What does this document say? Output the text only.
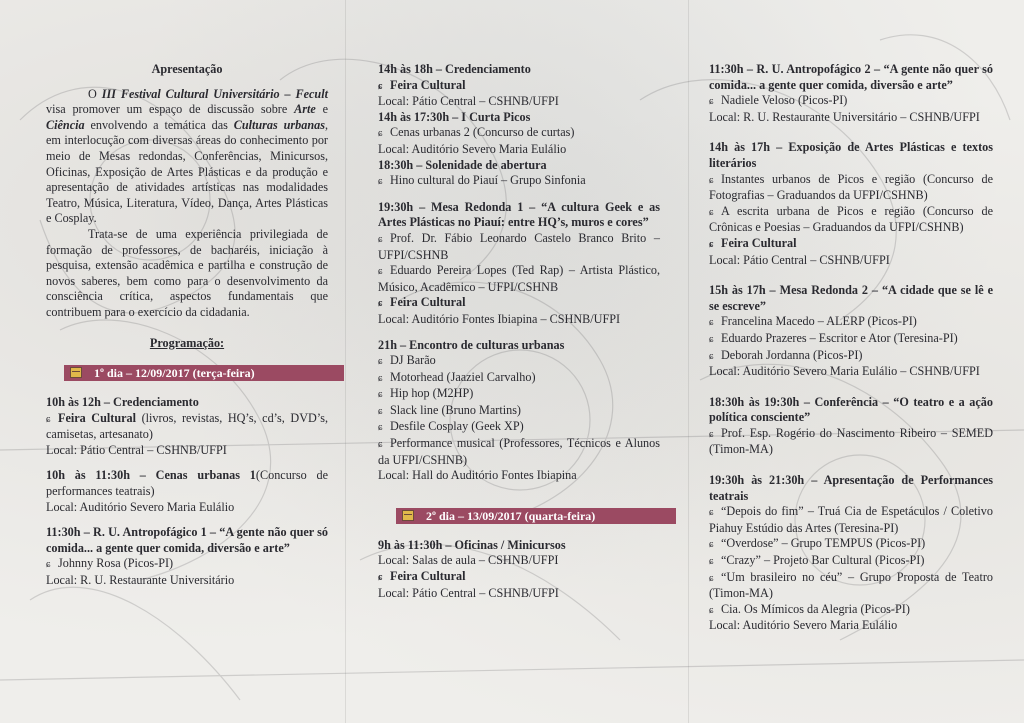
Apresentação

O III Festival Cultural Universitário – Fecult visa promover um espaço de discussão sobre Arte e Ciência envolvendo a temática das Culturas urbanas, em interlocução com diversas áreas do conhecimento por meio de Mesas redondas, Conferências, Minicursos, Oficinas, Exposição de Artes Plásticas e da produção e apresentação de atividades artísticas nas modalidades Teatro, Música, Literatura, Vídeo, Dança, Artes Plásticas e Cosplay.

Trata-se de uma experiência privilegiada de formação de professores, de bacharéis, iniciação à pesquisa, extensão acadêmica e partilha e construção de novos saberes, bem como para o desenvolvimento da consciência crítica, aspectos fundamentais que contribuem para o exercício da cidadania.

Programação:

1º dia – 12/09/2017 (terça-feira)

10h às 12h – Credenciamento

ɕ Feira Cultural (livros, revistas, HQ’s, cd’s, DVD’s, camisetas, artesanato)

Local: Pátio Central – CSHNB/UFPI

10h às 11:30h – Cenas urbanas 1(Concurso de performances teatrais)

Local: Auditório Severo Maria Eulálio

11:30h – R. U. Antropofágico 1 – “A gente não quer só comida... a gente quer comida, diversão e arte”

ɕ Johnny Rosa (Picos-PI)

Local: R. U. Restaurante Universitário

14h às 18h – Credenciamento

ɕ Feira Cultural

Local: Pátio Central – CSHNB/UFPI

14h às 17:30h – I Curta Picos

ɕ Cenas urbanas 2 (Concurso de curtas)

Local: Auditório Severo Maria Eulálio

18:30h – Solenidade de abertura

ɕ Hino cultural do Piauí – Grupo Sinfonia

19:30h – Mesa Redonda 1 – “A cultura Geek e as Artes Plásticas no Piauí: entre HQ’s, muros e cores”

ɕ Prof. Dr. Fábio Leonardo Castelo Branco Brito – UFPI/CSHNB

ɕ Eduardo Pereira Lopes (Ted Rap) – Artista Plástico, Músico, Acadêmico – UFPI/CSHNB

ɕ Feira Cultural

Local: Auditório Fontes Ibiapina – CSHNB/UFPI

21h – Encontro de culturas urbanas

ɕ DJ Barão

ɕ Motorhead (Jaaziel Carvalho)

ɕ Hip hop (M2HP)

ɕ Slack line (Bruno Martins)

ɕ Desfile Cosplay (Geek XP)

ɕ Performance musical (Professores, Técnicos e Alunos da UFPI/CSHNB)

Local: Hall do Auditório Fontes Ibiapina

2º dia – 13/09/2017 (quarta-feira)

9h às 11:30h – Oficinas / Minicursos

Local: Salas de aula – CSHNB/UFPI

ɕ Feira Cultural

Local: Pátio Central – CSHNB/UFPI

11:30h – R. U. Antropofágico 2 – “A gente não quer só comida... a gente quer comida, diversão e arte”

ɕ Nadiele Veloso (Picos-PI)

Local: R. U. Restaurante Universitário – CSHNB/UFPI

14h às 17h – Exposição de Artes Plásticas e textos literários

ɕ Instantes urbanos de Picos e região (Concurso de Fotografias – Graduandos da UFPI/CSHNB)

ɕ A escrita urbana de Picos e região (Concurso de Crônicas e Poesias – Graduandos da UFPI/CSHNB)

ɕ Feira Cultural

Local: Pátio Central – CSHNB/UFPI

15h às 17h – Mesa Redonda 2 – “A cidade que se lê e se escreve”

ɕ Francelina Macedo – ALERP (Picos-PI)

ɕ Eduardo Prazeres – Escritor e Ator (Teresina-PI)

ɕ Deborah Jordanna (Picos-PI)

Local: Auditório Severo Maria Eulálio – CSHNB/UFPI

18:30h às 19:30h – Conferência – “O teatro e a ação política consciente”

ɕ Prof. Esp. Rogério do Nascimento Ribeiro – SEMED (Timon-MA)

19:30h às 21:30h – Apresentação de Performances teatrais

ɕ “Depois do fim” – Truá Cia de Espetáculos / Coletivo Piahuy Estúdio das Artes (Teresina-PI)

ɕ “Overdose” – Grupo TEMPUS (Picos-PI)

ɕ “Crazy” – Projeto Bar Cultural (Picos-PI)

ɕ “Um brasileiro no céu” – Grupo Proposta de Teatro (Timon-MA)

ɕ Cia. Os Mímicos da Alegria (Picos-PI)

Local: Auditório Severo Maria Eulálio
